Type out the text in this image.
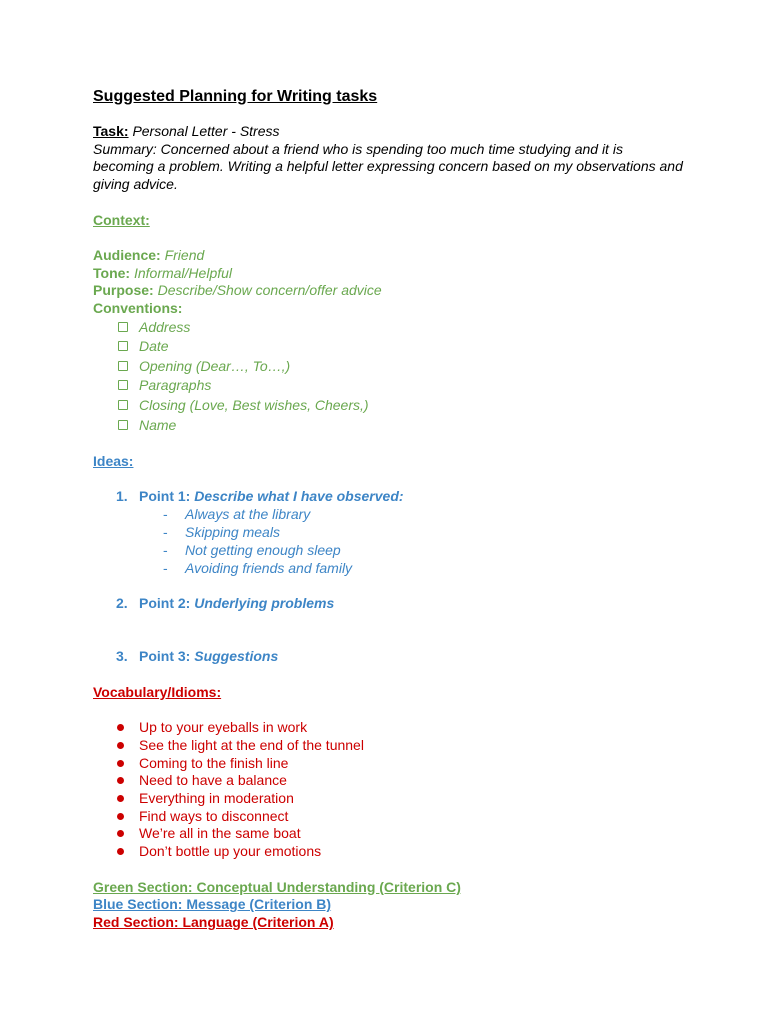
Suggested Planning for Writing tasks
Task: Personal Letter - Stress
Summary: Concerned about a friend who is spending too much time studying and it is becoming a problem. Writing a helpful letter expressing concern based on my observations and giving advice.
Context:
Audience: Friend
Tone: Informal/Helpful
Purpose: Describe/Show concern/offer advice
Conventions:
Address
Date
Opening (Dear…, To…,)
Paragraphs
Closing (Love, Best wishes, Cheers,)
Name
Ideas:
1. Point 1: Describe what I have observed:
- Always at the library
- Skipping meals
- Not getting enough sleep
- Avoiding friends and family
2. Point 2: Underlying problems
3. Point 3: Suggestions
Vocabulary/Idioms:
Up to your eyeballs in work
See the light at the end of the tunnel
Coming to the finish line
Need to have a balance
Everything in moderation
Find ways to disconnect
We’re all in the same boat
Don’t bottle up your emotions
Green Section: Conceptual Understanding (Criterion C)
Blue Section: Message (Criterion B)
Red Section: Language (Criterion A)
